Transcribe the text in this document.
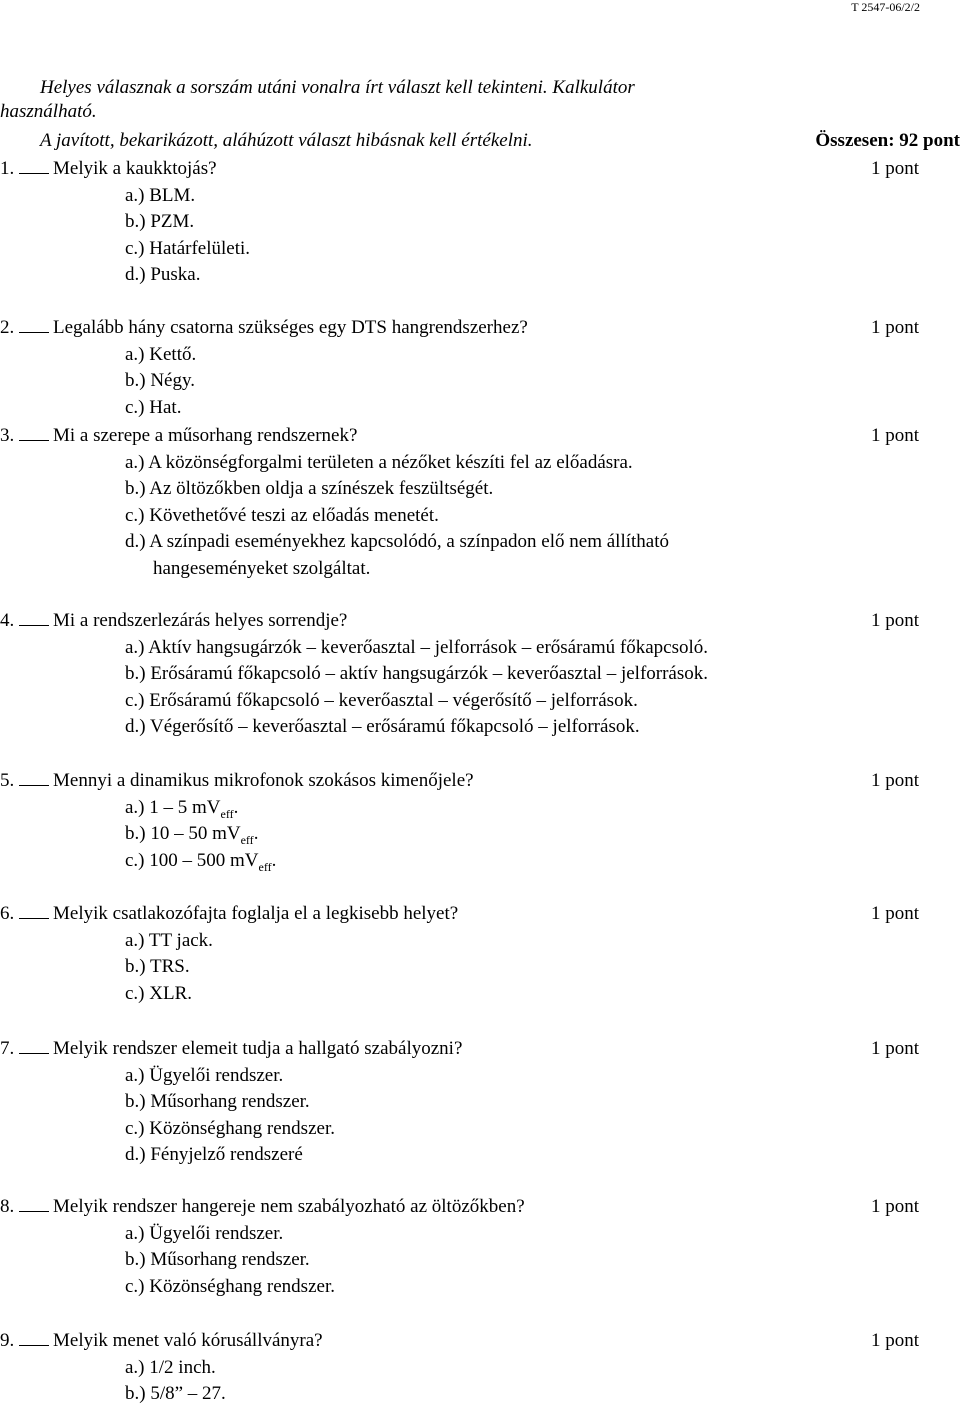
T 2547-06/2/2
Helyes válasznak a sorszám utáni vonalra írt választ kell tekinteni. Kalkulátor
használható.
A javított, bekarikázott, aláhúzott választ hibásnak kell értékelni.	Összesen: 92 pont
1. Melyik a kaukktojás?	1 pont
a.) BLM.
b.) PZM.
c.) Határfelületi.
d.) Puska.
2. Legalább hány csatorna szükséges egy DTS hangrendszerhez?	1 pont
a.) Kettő.
b.) Négy.
c.) Hat.
3. Mi a szerepe a műsorhang rendszernek?	1 pont
a.) A közönségforgalmi területen a nézőket készíti fel az előadásra.
b.) Az öltözőkben oldja a színészek feszültségét.
c.) Követhetővé teszi az előadás menetét.
d.) A színpadi eseményekhez kapcsolódó, a színpadon elő nem állítható
hangeseményeket szolgáltat.
4. Mi a rendszerlezárás helyes sorrendje?	1 pont
a.) Aktív hangsugárzók – keverőasztal – jelforrások – erősáramú főkapcsoló.
b.) Erősáramú főkapcsoló – aktív hangsugárzók – keverőasztal – jelforrások.
c.) Erősáramú főkapcsoló – keverőasztal – végerősítő – jelforrások.
d.) Végerősítő – keverőasztal – erősáramú főkapcsoló – jelforrások.
5. Mennyi a dinamikus mikrofonok szokásos kimenőjele?	1 pont
a.) 1 – 5 $mV_{eff}$.
b.) 10 – 50 $mV_{eff}$.
c.) 100 – 500 $mV_{eff}$.
6. Melyik csatlakozófajta foglalja el a legkisebb helyet?	1 pont
a.) TT jack.
b.) TRS.
c.) XLR.
7. Melyik rendszer elemeit tudja a hallgató szabályozni?	1 pont
a.) Ügyelői rendszer.
b.) Műsorhang rendszer.
c.) Közönséghang rendszer.
d.) Fényjelző rendszeré
8. Melyik rendszer hangereje nem szabályozható az öltözőkben?	1 pont
a.) Ügyelői rendszer.
b.) Műsorhang rendszer.
c.) Közönséghang rendszer.
9. Melyik menet való kórusállványra?	1 pont
a.) 1/2 inch.
b.) 5/8” – 27.
